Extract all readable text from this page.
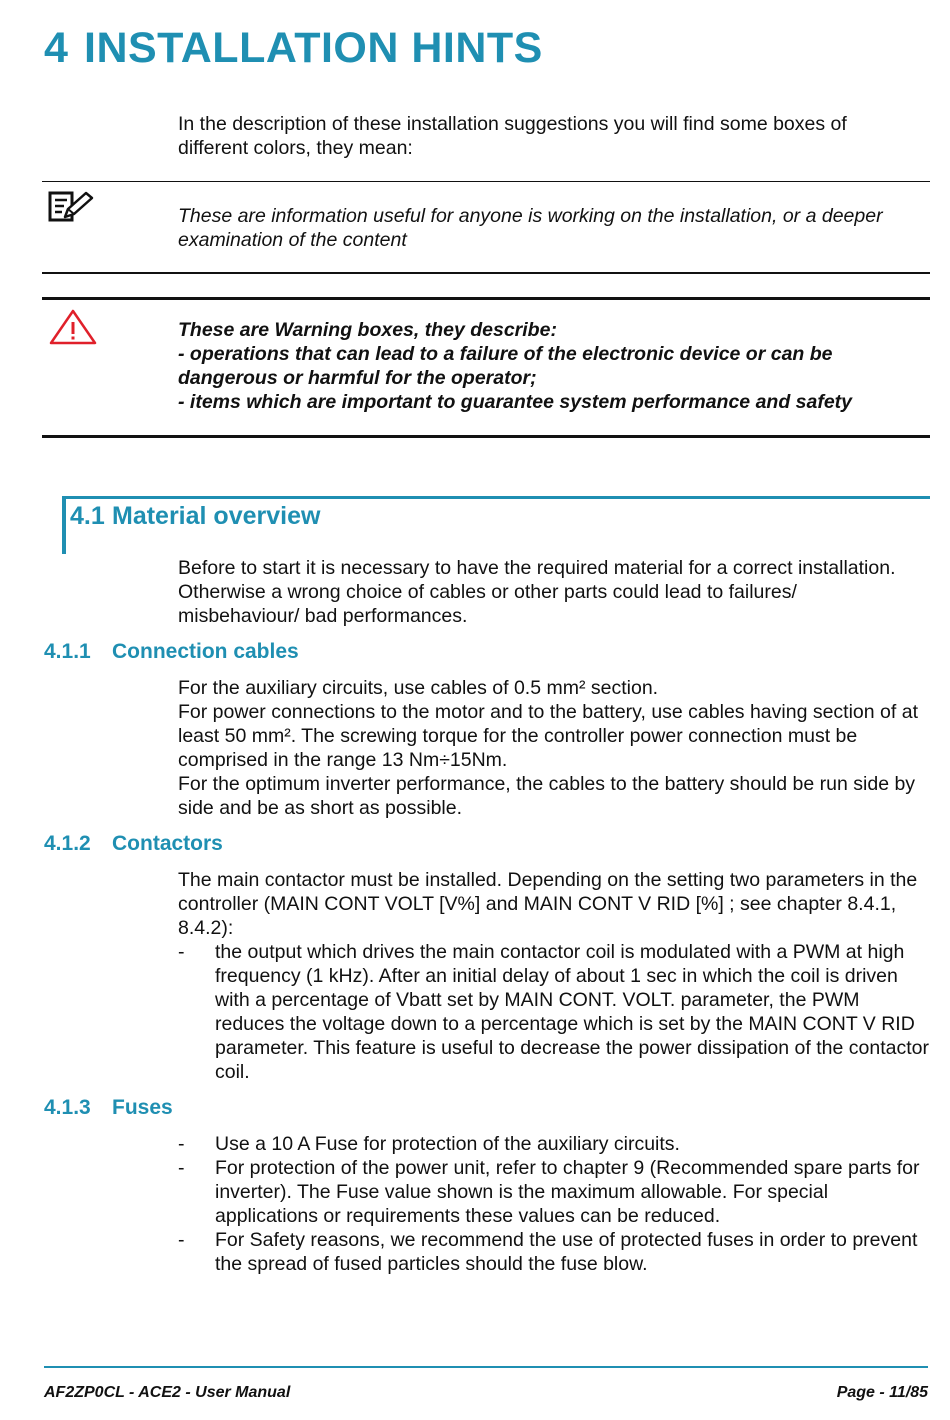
4 INSTALLATION HINTS
In the description of these installation suggestions you will find some boxes of different colors, they mean:
These are information useful for anyone is working on the installation, or a deeper examination of the content
These are Warning boxes, they describe:
- operations that can lead to a failure of the electronic device or can be dangerous or harmful for the operator;
- items which are important to guarantee system performance and safety
4.1 Material overview
Before to start it is necessary to have the required material for a correct installation. Otherwise a wrong choice of cables or other parts could lead to failures/ misbehaviour/ bad performances.
4.1.1 Connection cables
For the auxiliary circuits, use cables of 0.5 mm² section.
For power connections to the motor and to the battery, use cables having section of at least 50 mm². The screwing torque for the controller power connection must be comprised in the range 13 Nm÷15Nm.
For the optimum inverter performance, the cables to the battery should be run side by side and be as short as possible.
4.1.2 Contactors
The main contactor must be installed. Depending on the setting two parameters in the controller (MAIN CONT VOLT [V%] and MAIN CONT V RID [%] ; see chapter 8.4.1, 8.4.2):
- the output which drives the main contactor coil is modulated with a PWM at high frequency (1 kHz). After an initial delay of about 1 sec in which the coil is driven with a percentage of Vbatt set by MAIN CONT. VOLT. parameter, the PWM reduces the voltage down to a percentage which is set by the MAIN CONT V RID parameter. This feature is useful to decrease the power dissipation of the contactor coil.
4.1.3 Fuses
- Use a 10 A Fuse for protection of the auxiliary circuits.
- For protection of the power unit, refer to chapter 9 (Recommended spare parts for inverter). The Fuse value shown is the maximum allowable. For special applications or requirements these values can be reduced.
- For Safety reasons, we recommend the use of protected fuses in order to prevent the spread of fused particles should the fuse blow.
AF2ZP0CL - ACE2 - User Manual	Page - 11/85
